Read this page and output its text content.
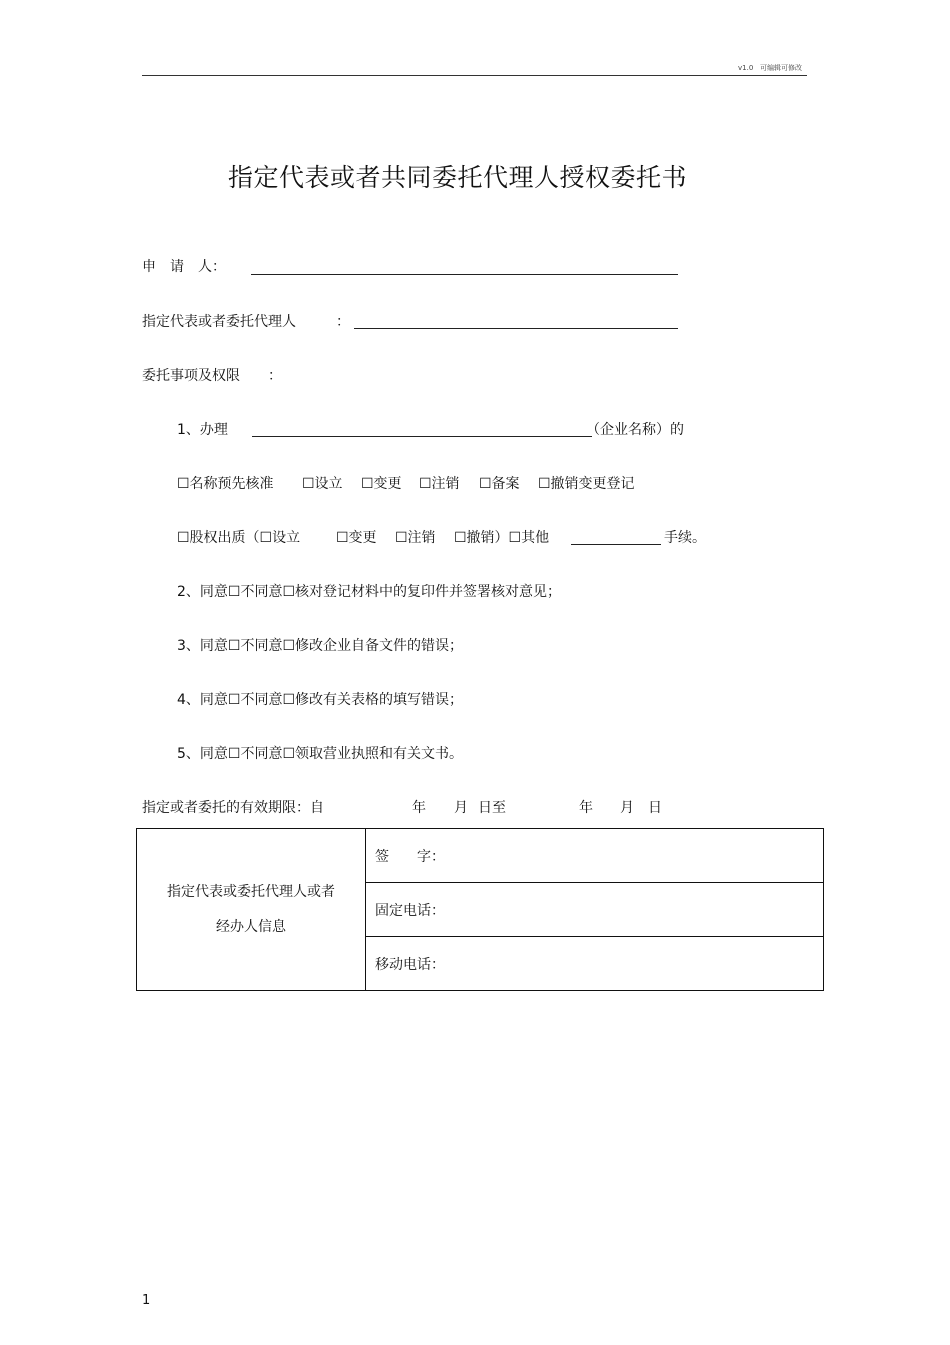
v1.0 可编辑可修改
指定代表或者共同委托代理人授权委托书
申　请　人：
指定代表或者委托代理人	：
委托事项及权限 ：
1、办理	（企业名称）的
☐名称预先核准 ☐设立 ☐变更 ☐注销 ☐备案 ☐撤销变更登记
☐股权出质（☐设立	☐变更 ☐注销 ☐撤销）☐其他	手续。
2、同意☐不同意☐核对登记材料中的复印件并签署核对意见；
3、同意☐不同意☐修改企业自备文件的错误；
4、同意☐不同意☐修改有关表格的填写错误；
5、同意☐不同意☐领取营业执照和有关文书。
指定或者委托的有效期限：自	年 月 日至	年 月 日
指定代表或委托代理人或者
经办人信息	签　　字：
固定电话：
移动电话：
1
